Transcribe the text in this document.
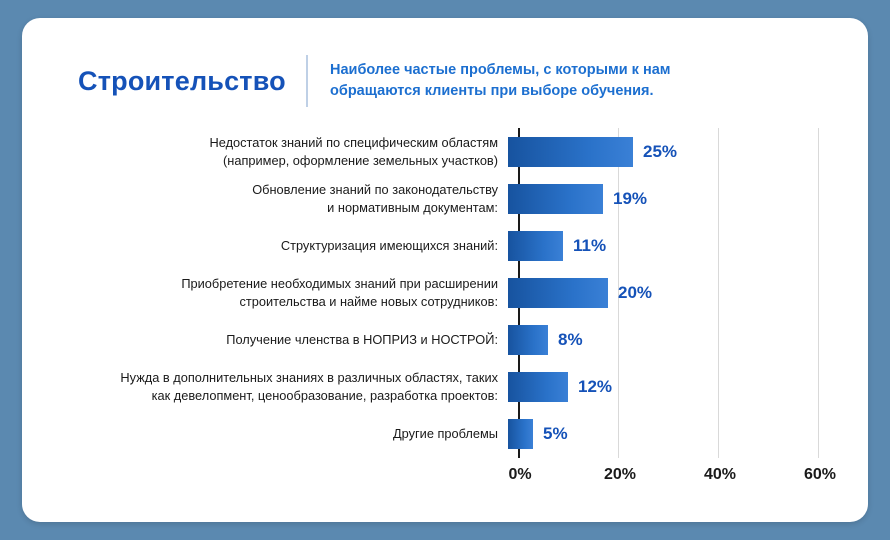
Строительство	Наиболее частые проблемы, с которыми к нам обращаются клиенты при выборе обучения.
Недостаток знаний по специфическим областям
(например, оформление земельных участков)	25%
Обновление знаний по законодательству
и нормативным документам:	19%
Структуризация имеющихся знаний:	11%
Приобретение необходимых знаний при расширении
строительства и найме новых сотрудников:	20%
Получение членства в НОПРИЗ и НОСТРОЙ:	8%
Нужда в дополнительных знаниях в различных областях, таких
как девелопмент, ценообразование, разработка проектов:	12%
Другие проблемы	5%
0%	20%	40%	60%
